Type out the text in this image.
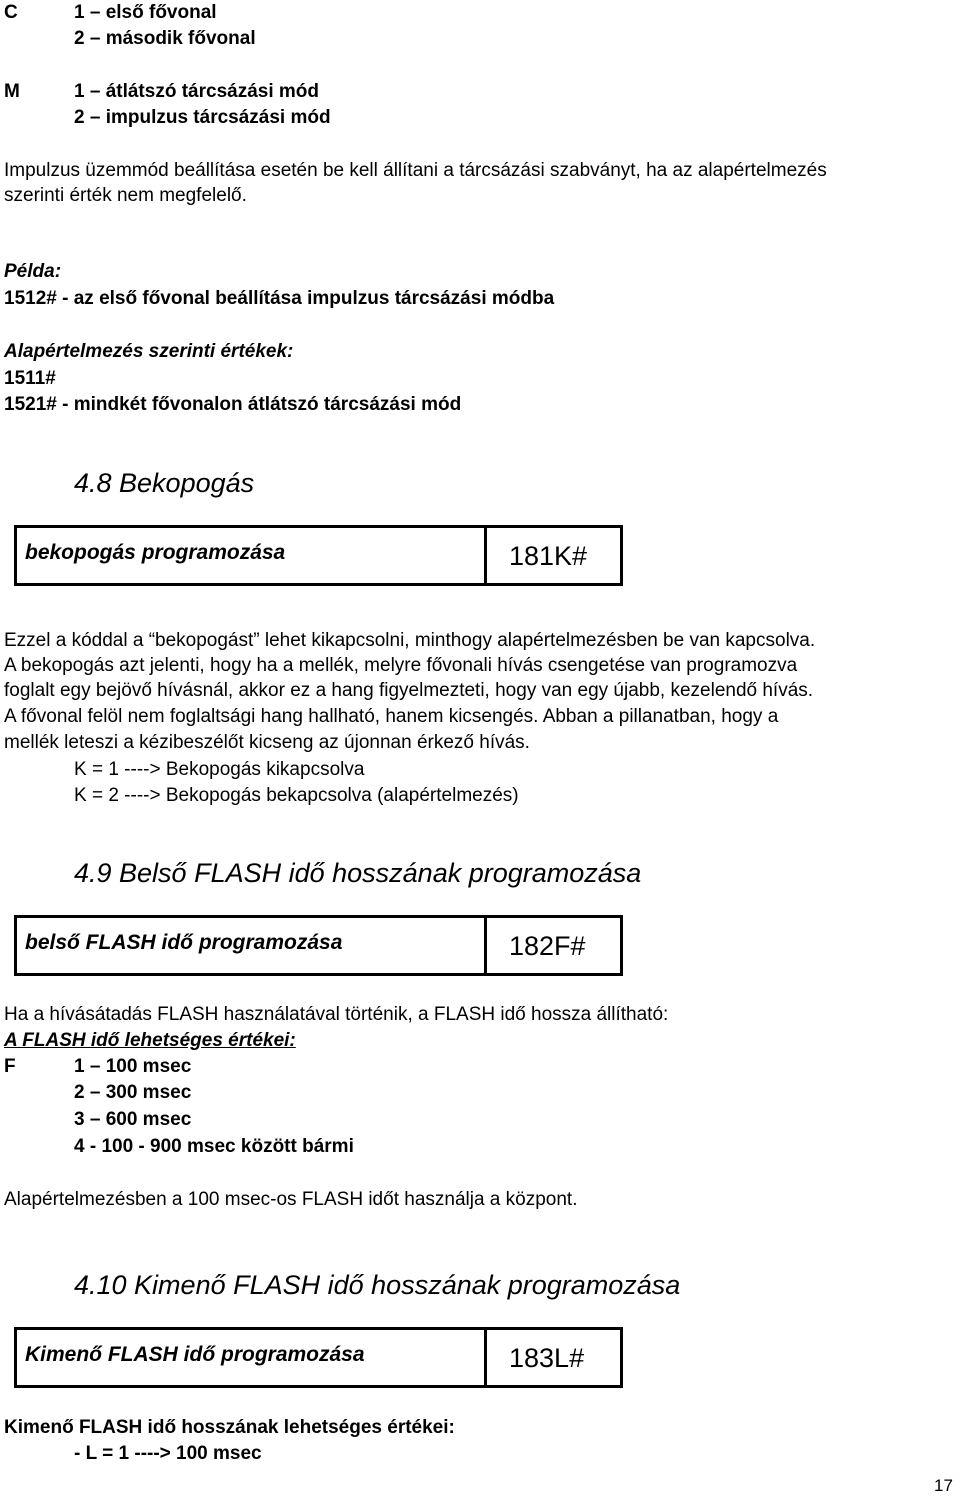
C	1 – első fővonal
2 – második fővonal
M	1 – átlátszó tárcsázási mód
2 – impulzus tárcsázási mód
Impulzus üzemmód beállítása esetén be kell állítani a tárcsázási szabványt, ha az alapértelmezés
szerinti érték nem megfelelő.
Példa:
1512# - az első fővonal beállítása impulzus tárcsázási módba
Alapértelmezés szerinti értékek:
1511#
1521# - mindkét fővonalon átlátszó tárcsázási mód
4.8 Bekopogás
bekopogás programozása	181K#
Ezzel a kóddal a “bekopogást” lehet kikapcsolni, minthogy alapértelmezésben be van kapcsolva.
A bekopogás azt jelenti, hogy ha a mellék, melyre fővonali hívás csengetése van programozva
foglalt egy bejövő hívásnál, akkor ez a hang figyelmezteti, hogy van egy újabb, kezelendő hívás.
A fővonal felöl nem foglaltsági hang hallható, hanem kicsengés. Abban a pillanatban, hogy a
mellék leteszi a kézibeszélőt kicseng az újonnan érkező hívás.
K = 1 ----> Bekopogás kikapcsolva
K = 2 ----> Bekopogás bekapcsolva (alapértelmezés)
4.9 Belső FLASH idő hosszának programozása
belső FLASH idő programozása	182F#
Ha a hívásátadás FLASH használatával történik, a FLASH idő hossza állítható:
A FLASH idő lehetséges értékei:
F	1 – 100 msec
2 – 300 msec
3 – 600 msec
4 - 100 - 900 msec között bármi
Alapértelmezésben a 100 msec-os FLASH időt használja a központ.
4.10 Kimenő FLASH idő hosszának programozása
Kimenő FLASH idő programozása	183L#
Kimenő FLASH idő hosszának lehetséges értékei:
- L = 1 ----> 100 msec
17
